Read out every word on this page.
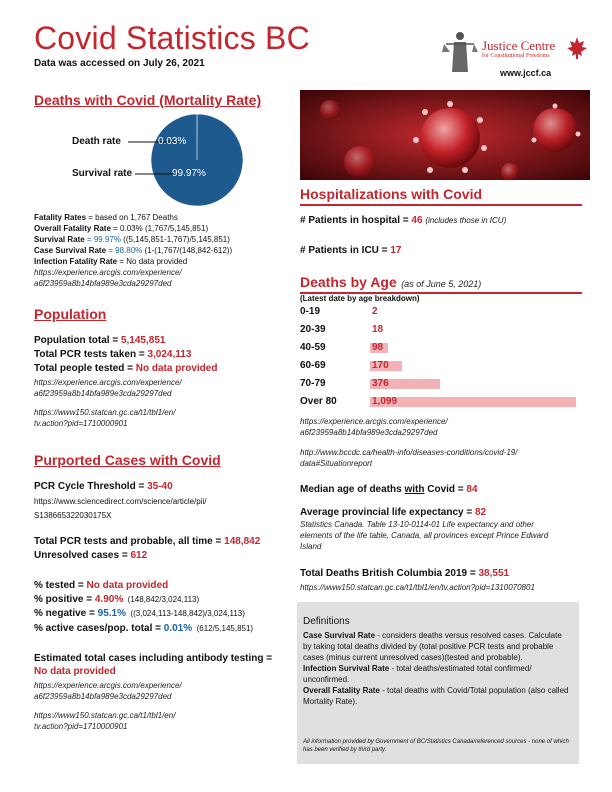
Covid Statistics BC
Data was accessed on July 26, 2021
Justice Centre
for Constitutional Freedoms
www.jccf.ca
Deaths with Covid (Mortality Rate)
Death rate
Survival rate
0.03%
99.97%
Fatality Rates = based on 1,767 Deaths
Overall Fatality Rate = 0.03% (1,767/5,145,851)
Survival Rate = 99.97% ((5,145,851-1,767)/5,145,851)
Case Survival Rate = 98.80% (1-(1,767/(148,842-612))
Infection Fatality Rate = No data provided
https://experience.arcgis.com/experience/
a6f23959a8b14bfa989e3cda29297ded
Population
Population total = 5,145,851
Total PCR tests taken = 3,024,113
Total people tested = No data provided
https://experience.arcgis.com/experience/
a6f23959a8b14bfa989e3cda29297ded
https://www150.statcan.gc.ca/t1/tbl1/en/
tv.action?pid=1710000901
Purported Cases with Covid
PCR Cycle Threshold = 35-40
https://www.sciencedirect.com/science/article/pii/
S138665322030175X
Total PCR tests and probable, all time = 148,842
Unresolved cases = 612
% tested = No data provided
% positive = 4.90% (148,842/3,024,113)
% negative = 95.1% ((3,024,113-148,842)/3,024,113)
% active cases/pop. total = 0.01% (612/5,145,851)
Estimated total cases including antibody testing =
No data provided
https://experience.arcgis.com/experience/
a6f23959a8b14bfa989e3cda29297ded
https://www150.statcan.gc.ca/t1/tbl1/en/
tv.action?pid=1710000901
Hospitalizations with Covid
# Patients in hospital = 46 (includes those in ICU)
# Patients in ICU = 17
Deaths by Age (as of June 5, 2021)
(Latest date by age breakdown)
0-19	2
20-39	18
40-59	98
60-69	170
70-79	376
Over 80	1,099
https://experience.arcgis.com/experience/
a6f23959a8b14bfa989e3cda29297ded
http://www.bccdc.ca/health-info/diseases-conditions/covid-19/
data#Situationreport
Median age of deaths with Covid = 84
Average provincial life expectancy = 82
Statistics Canada. Table 13-10-0114-01 Life expectancy and other
elements of the life table, Canada, all provinces except Prince Edward
Island
Total Deaths British Columbia 2019 = 38,551
https://www150.statcan.gc.ca/t1/tbl1/en/tv.action?pid=1310070801
Definitions
Case Survival Rate - considers deaths versus resolved cases. Calculate by taking total deaths divided by (total positive PCR tests and probable cases (minus current unresolved cases)(tested and probable).
Infection Survival Rate - total deaths/estimated total confirmed/ unconfirmed.
Overall Fatality Rate - total deaths with Covid/Total population (also called Mortality Rate).
All information provided by Government of BC/Statistics Canada/referenced sources - none of which has been verified by third party.
